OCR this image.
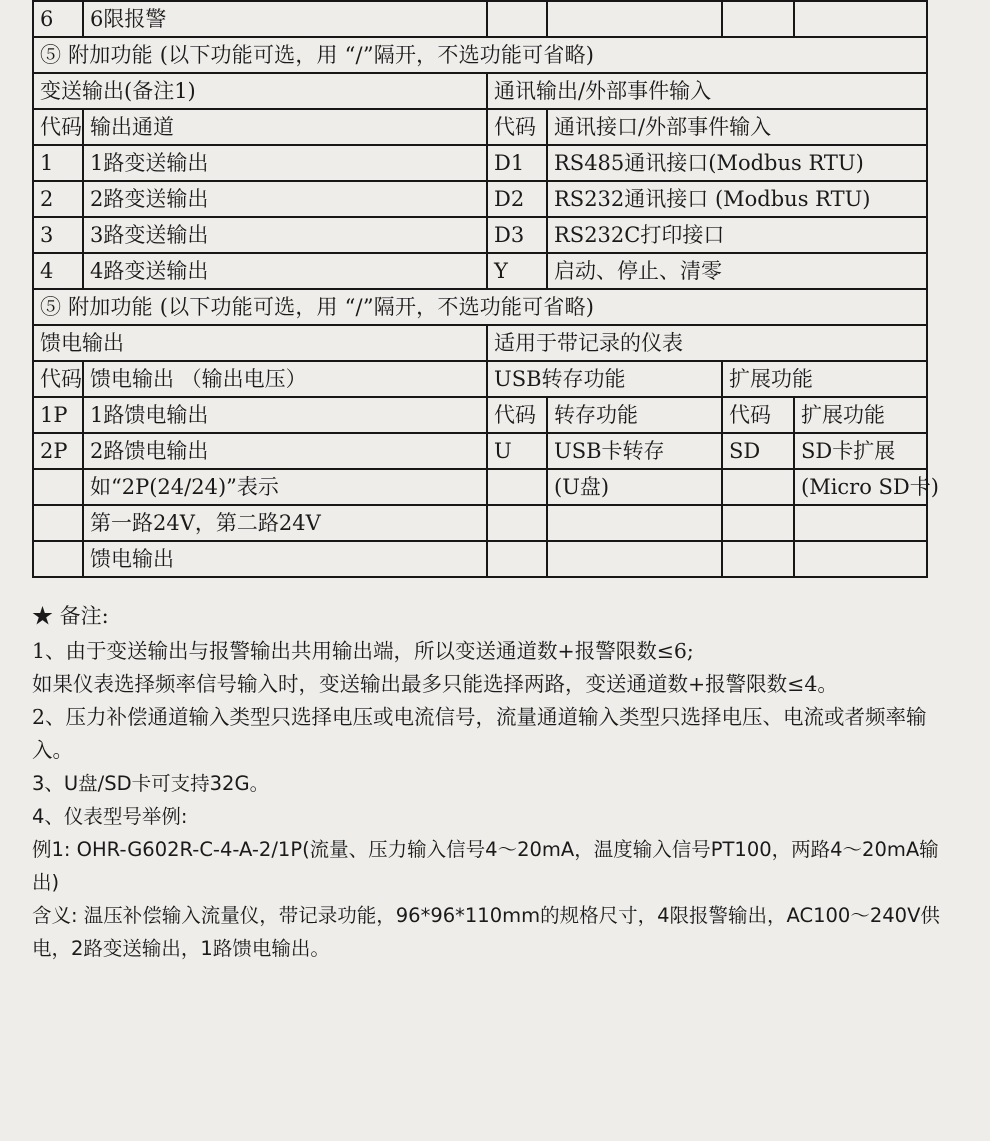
6	6限报警				
⑤ 附加功能 (以下功能可选，用 “/”隔开，不选功能可省略)					
变送输出(备注1)		通讯输出/外部事件输入			
代码	输出通道	代码	通讯接口/外部事件输入		
1	1路变送输出	D1	RS485通讯接口(Modbus RTU)		
2	2路变送输出	D2	RS232通讯接口 (Modbus RTU)		
3	3路变送输出	D3	RS232C打印接口		
4	4路变送输出	Y	启动、停止、清零		
⑤ 附加功能 (以下功能可选，用 “/”隔开，不选功能可省略)					
馈电输出		适用于带记录的仪表			
代码	馈电输出 （输出电压）	USB转存功能		扩展功能	
1P	1路馈电输出	代码	转存功能	代码	扩展功能
2P	2路馈电输出	U	USB卡转存	SD	SD卡扩展
	如“2P(24/24)”表示		(U盘)		(Micro SD卡)
	第一路24V，第二路24V				
	馈电输出				
★ 备注:
1、由于变送输出与报警输出共用输出端，所以变送通道数+报警限数≤6;
如果仪表选择频率信号输入时，变送输出最多只能选择两路，变送通道数+报警限数≤4。
2、压力补偿通道输入类型只选择电压或电流信号，流量通道输入类型只选择电压、电流或者频率输入。
3、U盘/SD卡可支持32G。
4、仪表型号举例:
例1: OHR-G602R-C-4-A-2/1P(流量、压力输入信号4～20mA，温度输入信号PT100，两路4～20mA输出)
含义: 温压补偿输入流量仪，带记录功能，96*96*110mm的规格尺寸，4限报警输出，AC100～240V供电，2路变送输出，1路馈电输出。
